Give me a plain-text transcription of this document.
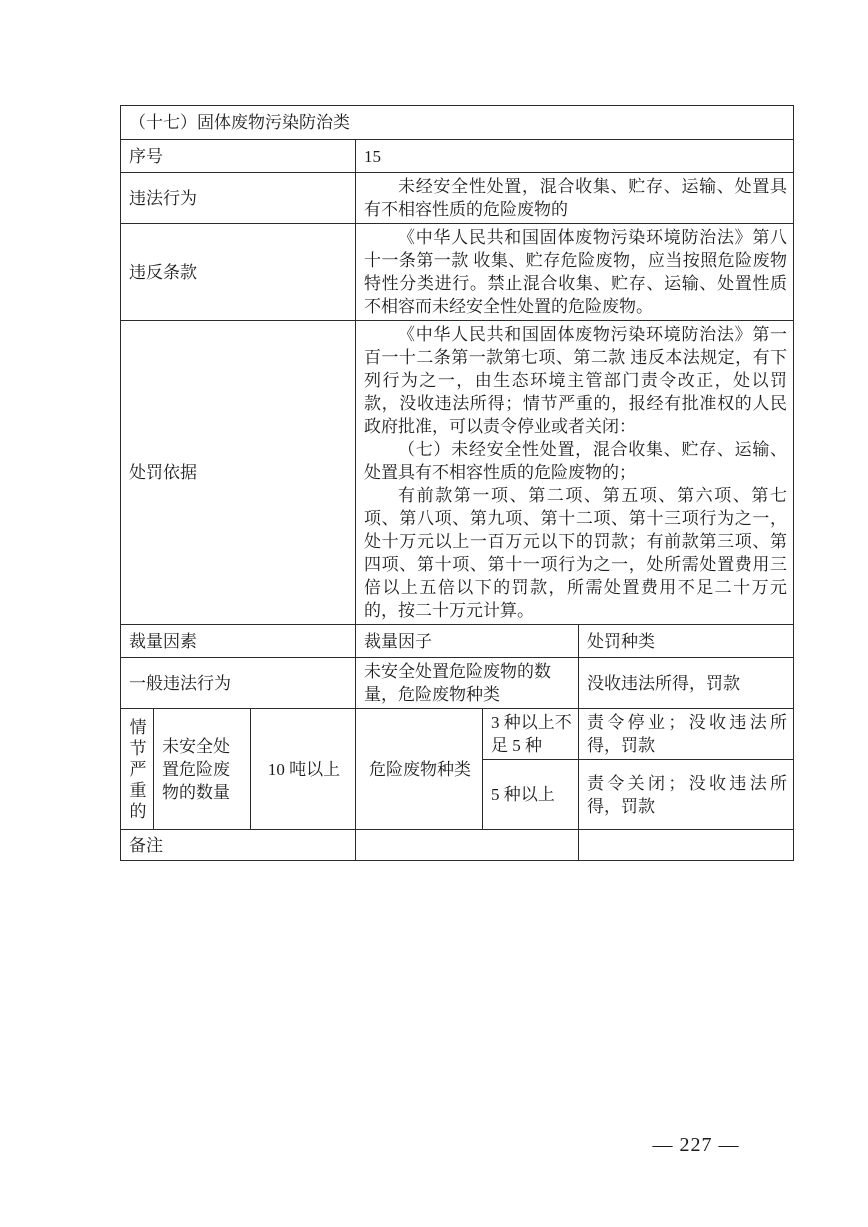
（十七）固体废物污染防治类					
序号			15		
违法行为			未经安全性处置，混合收集、贮存、运输、处置具有不相容性质的危险废物的		

违反条款			《中华人民共和国固体废物污染环境防治法》第八十一条第一款 收集、贮存危险废物，应当按照危险废物特性分类进行。禁止混合收集、贮存、运输、处置性质不相容而未经安全性处置的危险废物。		

处罚依据			《中华人民共和国固体废物污染环境防治法》第一百一十二条第一款第七项、第二款 违反本法规定，有下列行为之一，由生态环境主管部门责令改正，处以罚款，没收违法所得；情节严重的，报经有批准权的人民政府批准，可以责令停业或者关闭：

（七）未经安全性处置，混合收集、贮存、运输、处置具有不相容性质的危险废物的；

有前款第一项、第二项、第五项、第六项、第七项、第八项、第九项、第十二项、第十三项行为之一，处十万元以上一百万元以下的罚款；有前款第三项、第四项、第十项、第十一项行为之一，处所需处置费用三倍以上五倍以下的罚款，所需处置费用不足二十万元的，按二十万元计算。		

裁量因素			裁量因子		处罚种类
一般违法行为			未安全处置危险废物的数量，危险废物种类		没收违法所得，罚款

情
节
严
重
的	未安全处置危险废物的数量	10 吨以上	危险废物种类	3 种以上不足 5 种	责令停业；没收违法所得，罚款
				5 种以上	责令关闭；没收违法所得，罚款
备注					
— 227 —
